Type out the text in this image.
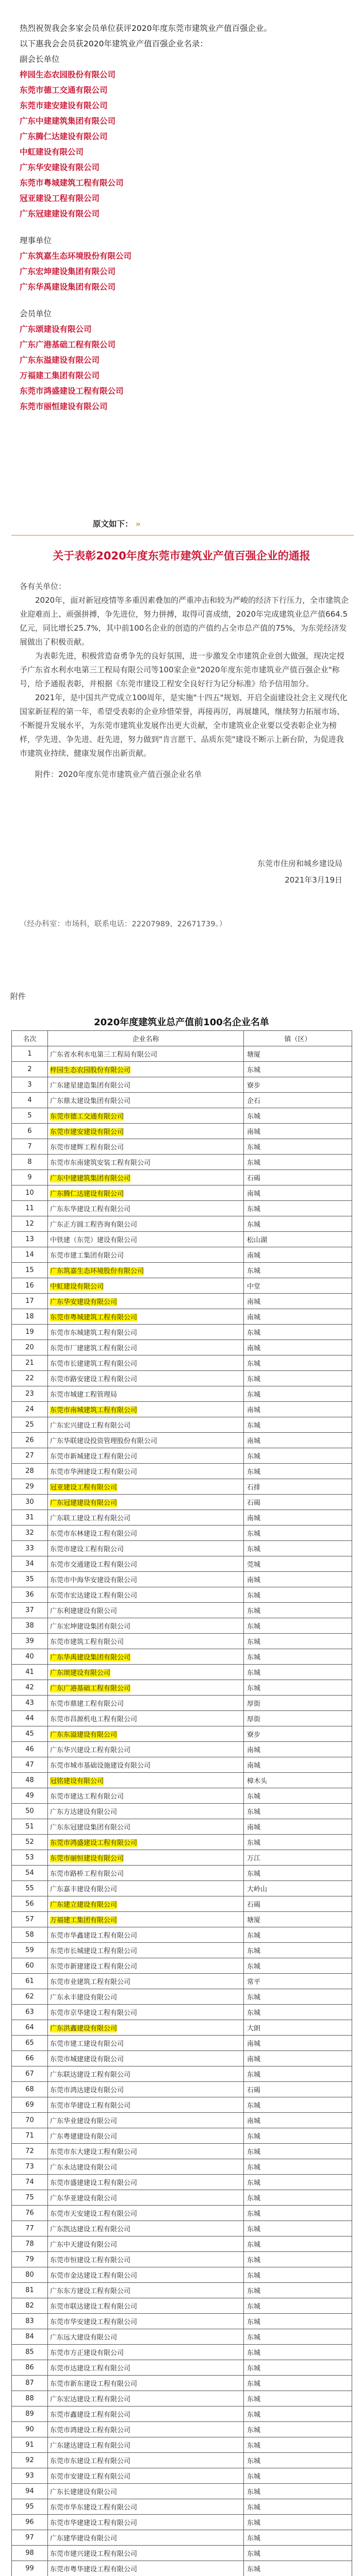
热烈祝贺我会多家会员单位获评2020年度东莞市建筑业产值百强企业。

以下惠我会会员获2020年建筑业产值百强企业名录：

副会长单位

梓园生态农园股份有限公司
东莞市德工交通有限公司
东莞市建安建设有限公司
广东中建建筑集团有限公司
广东腾仁达建设有限公司
中虹建设有限公司
广东华安建设有限公司
东莞市粤城建筑工程有限公司
冠亚建设工程有限公司
广东冠建建设有限公司

理事单位

广东筑嘉生态环境股份有限公司
广东宏坤建设集团有限公司
广东华禹建设集团有限公司

会员单位

广东颂建设有限公司
广东广港基础工程有限公司
广东东溢建设有限公司
万福建工集团有限公司
东莞市鸿盛建设工程有限公司
东莞市丽恒建设有限公司
原文如下： »
关于表彰2020年度东莞市建筑业产值百强企业的通报

各有关单位：

2020年，面对新冠疫情等多重因素叠加的严重冲击和较为严峻的经济下行压力，全市建筑企业迎难而上、顽强拼搏，争先进位，努力拼搏，取得可喜成绩，2020年完成建筑业总产值664.5亿元，同比增长25.7%，其中前100名企业的创造的产值约占全市总产值的75%，为东莞经济发展做出了积极贡献。

为表彰先进，积极营造奋勇争先的良好氛围，进一步激发全市建筑企业创大做强，现决定授予广东省水利水电第三工程局有限公司等100家企业"2020年度东莞市建筑业产值百强企业"称号，给予通报表彰，并根据《东莞市建设工程安全良好行为记分标准》给予信用加分。

2021年，是中国共产党成立100周年，是实施"十四五"规划、开启全面建设社会主义现代化国家新征程的第一年，希望受表彰的企业珍惜荣誉，再接再厉，再展雄风，继续努力拓展市场、不断提升发展水平，为东莞市建筑业发展作出更大贡献，全市建筑业企业要以受表彰企业为榜样，学先进、争先进、赶先进，努力做到"肯言愿干、品质东莞"建设不断示上新台阶，为促进我市建筑业持续、健康发展作出新贡献。

附件：2020年度东莞市建筑业产值百强企业名单

东莞市住房和城乡建设局
2021年3月19日
（经办科室：市场科，联系电话：22207989、22671739。）
附件
2020年度建筑业总产值前100名企业名单
名次	企业名称	镇（区）
1	广东省水利水电第三工程局有限公司	塘厦
2	梓园生态农园股份有限公司	东城
3	广东建星建造集团有限公司	寮步
4	广东鼎太建设集团有限公司	企石
5	东莞市德工交通有限公司	东城
6	东莞市建安建设有限公司	南城
7	东莞市建辉工程有限公司	东城
8	东莞市东南建筑安装工程有限公司	东城
9	广东中建建筑集团有限公司	石碣
10	广东腾仁达建设有限公司	南城
11	广东东华建设工程有限公司	东城
12	广东正方圆工程咨询有限公司	东城
13	中铁建（东莞）建设有限公司	松山湖
14	东莞市建工集团有限公司	南城
15	广东筑嘉生态环境股份有限公司	东城
16	中虹建设有限公司	中堂
17	广东华安建设有限公司	南城
18	东莞市粤城建筑工程有限公司	南城
19	东莞市东城建筑工程有限公司	东城
20	东莞市厂建建筑工程有限公司	南城
21	东莞市长建建筑工程有限公司	东城
22	东莞市路安建设工程有限公司	东城
23	东莞市城建工程管理局	东城
24	东莞市南城建筑工程有限公司	南城
25	广东宏兴建设工程有限公司	东城
26	广东华联建设投资管理股份有限公司	南城
27	东莞市新城建设工程有限公司	东城
28	东莞市华洲建设工程有限公司	东城
29	冠亚建设工程有限公司	石排
30	广东冠建建设有限公司	石碣
31	广东联工建设工程有限公司	南城
32	东莞市东林建设工程有限公司	东城
33	东莞市建设工程有限公司	东城
34	东莞市交通建设工程有限公司	莞城
35	东莞市中海华安建设有限公司	南城
36	东莞市宏达建设工程有限公司	东城
37	广东利建建设有限公司	东城
38	广东宏坤建设集团有限公司	东城
39	东莞市建筑工程有限公司	东城
40	广东华禹建设集团有限公司	东城
41	广东颂建设有限公司	东城
42	广东广港基础工程有限公司	东城
43	东莞市鼎建工程有限公司	厚街
44	东莞市昌源机电工程有限公司	厚街
45	广东东溢建设有限公司	寮步
46	广东华兴建设工程有限公司	南城
47	东莞市城市基础设施建设有限公司	南城
48	冠铭建设有限公司	樟木头
49	东莞市建达工程有限公司	东城
50	广东方达建设有限公司	东城
51	广东东冠建设集团有限公司	南城
52	东莞市鸿盛建设工程有限公司	东城
53	东莞市丽恒建设有限公司	万江
54	东莞市路桥工程有限公司	东城
55	广东嘉丰建设有限公司	大岭山
56	广东建立建设有限公司	石碣
57	万福建工集团有限公司	塘厦
58	东莞市华鑫建设工程有限公司	东城
59	东莞市长城建设工程有限公司	东城
60	东莞市新建建设工程有限公司	东城
61	东莞市业建筑工程有限公司	常平
62	广东永丰建设有限公司	东城
63	东莞市京华建设工程有限公司	东城
64	广东洪鑫建设有限公司	大朗
65	东莞市建工建设有限公司	南城
66	东莞市城建建设有限公司	南城
67	广东联达建设工程有限公司	东城
68	东莞市鸿达建设有限公司	石碣
69	东莞市华建设工程有限公司	东城
70	广东华业建设有限公司	南城
71	广东粤建建设有限公司	东城
72	东莞市东大建设工程有限公司	东城
73	广东永达建设有限公司	东城
74	东莞市盛建建设工程有限公司	东城
75	广东华亚建设有限公司	东城
76	东莞市天安建设工程有限公司	东城
77	广东凯达建设工程有限公司	东城
78	广东中天建设有限公司	东城
79	东莞市恒建设工程有限公司	东城
80	东莞市金达建设工程有限公司	东城
81	广东东方建设工程有限公司	东城
82	东莞市联达建设工程有限公司	东城
83	东莞市华安建设工程有限公司	东城
84	广东远大建设有限公司	东城
85	东莞市方正建设有限公司	东城
86	东莞市达建设工程有限公司	东城
87	东莞市新东建设工程有限公司	东城
88	广东宏达建设工程有限公司	东城
89	东莞市鑫建设工程有限公司	东城
90	东莞市鸿建设工程有限公司	东城
91	广东建达建设工程有限公司	东城
92	东莞市东建设工程有限公司	东城
93	东莞市安建设工程有限公司	东城
94	广东长建建设有限公司	东城
95	东莞市华东建设工程有限公司	东城
96	东莞市华建建设工程有限公司	东城
97	广东建华建设有限公司	东城
98	东莞市建兴建设工程有限公司	东城
99	东莞市粤华建设工程有限公司	东城
